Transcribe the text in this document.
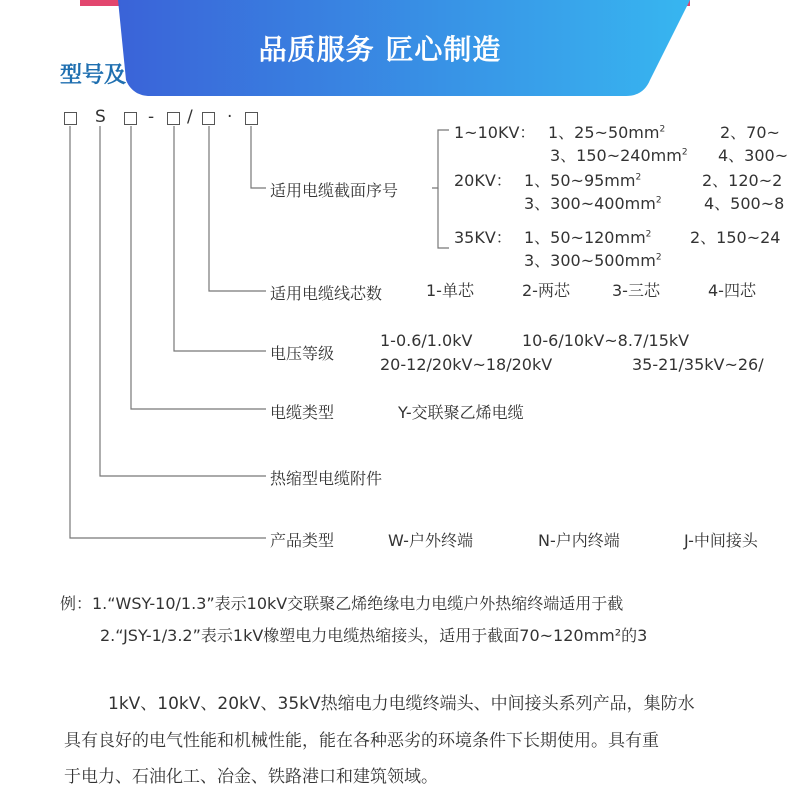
品质服务 匠心制造
型号及
S - / ·
适用电缆截面序号
1~10KV： 1、$25\sim 50mm^2$	2、70~
3、$150\sim 240mm^2$ 4、300~
20KV： 1、$50\sim 95mm^2$	2、120~2
3、$300\sim 400mm^2$	4、500~8
35KV： 1、$50\sim 120mm^2$ 2、150~24
3、$300\sim 500mm^2$
适用电缆线芯数	1-单芯	2-两芯	3-三芯	4-四芯
电压等级
1-0.6/1.0kV	10-6/10kV~8.7/15kV
20-12/20kV~18/20kV	35-21/35kV~26/
电缆类型	Y-交联聚乙烯电缆
热缩型电缆附件
产品类型	W-户外终端	N-户内终端	J-中间接头
例：1.“WSY-10/1.3”表示10kV交联聚乙烯绝缘电力电缆户外热缩终端适用于截
2.“JSY-1/3.2”表示1kV橡塑电力电缆热缩接头，适用于截面70~120mm²的3
1kV、10kV、20kV、35kV热缩电力电缆终端头、中间接头系列产品，集防水
具有良好的电气性能和机械性能，能在各种恶劣的环境条件下长期使用。具有重
于电力、石油化工、冶金、铁路港口和建筑领域。
